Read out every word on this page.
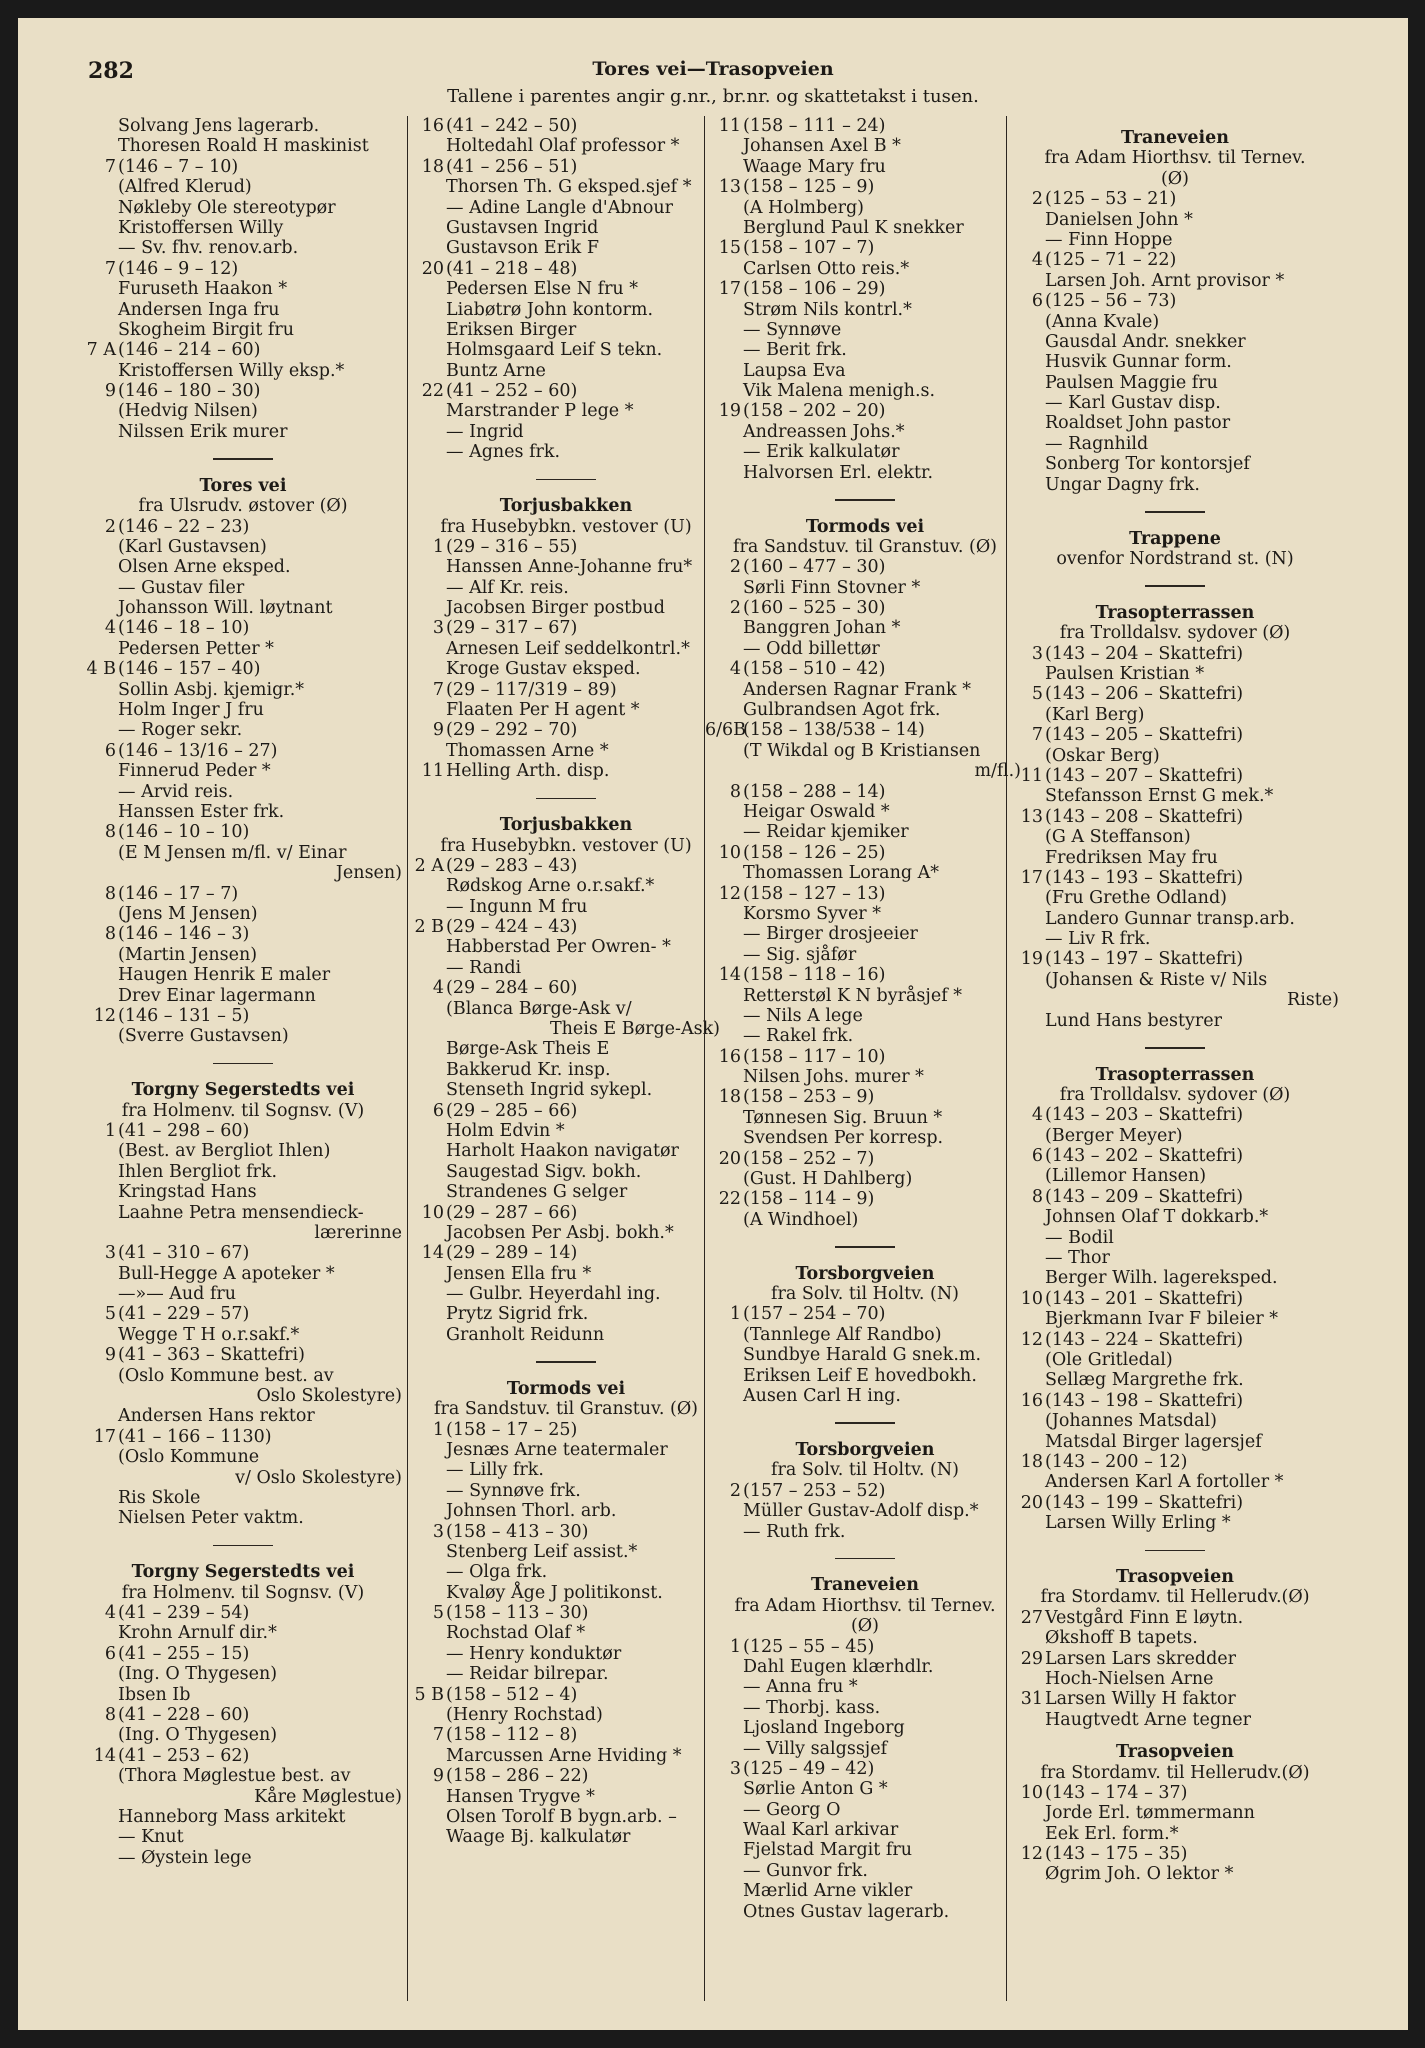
282	Tores vei—Trasopveien
Tallene i parentes angir g.nr., br.nr. og skattetakst i tusen.
Solvang Jens lagerarb.
Thoresen Roald H maskinist
7 (146 – 7 – 10)
(Alfred Klerud)
Nøkleby Ole stereotypør
Kristoffersen Willy
— Sv. fhv. renov.arb.
7 (146 – 9 – 12)
Furuseth Haakon *
Andersen Inga fru
Skogheim Birgit fru
7 A (146 – 214 – 60)
Kristoffersen Willy eksp.*
9 (146 – 180 – 30)
(Hedvig Nilsen)
Nilssen Erik murer
Tores vei
fra Ulsrudv. østover (Ø)
2 (146 – 22 – 23)
(Karl Gustavsen)
Olsen Arne eksped.
— Gustav filer
Johansson Will. løytnant
4 (146 – 18 – 10)
Pedersen Petter *
4 B (146 – 157 – 40)
Sollin Asbj. kjemigr.*
Holm Inger J fru
— Roger sekr.
6 (146 – 13/16 – 27)
Finnerud Peder *
— Arvid reis.
Hanssen Ester frk.
8 (146 – 10 – 10)
(E M Jensen m/fl. v/ Einar
Jensen)
8 (146 – 17 – 7)
(Jens M Jensen)
8 (146 – 146 – 3)
(Martin Jensen)
Haugen Henrik E maler
Drev Einar lagermann
12 (146 – 131 – 5)
(Sverre Gustavsen)
Torgny Segerstedts vei
fra Holmenv. til Sognsv. (V)
1 (41 – 298 – 60)
(Best. av Bergliot Ihlen)
Ihlen Bergliot frk.
Kringstad Hans
Laahne Petra mensendieck-
lærerinne
3 (41 – 310 – 67)
Bull-Hegge A apoteker *
—»— Aud fru
5 (41 – 229 – 57)
Wegge T H o.r.sakf.*
9 (41 – 363 – Skattefri)
(Oslo Kommune best. av
Oslo Skolestyre)
Andersen Hans rektor
17 (41 – 166 – 1130)
(Oslo Kommune
v/ Oslo Skolestyre)
Ris Skole
Nielsen Peter vaktm.
Torgny Segerstedts vei
fra Holmenv. til Sognsv. (V)
4 (41 – 239 – 54)
Krohn Arnulf dir.*
6 (41 – 255 – 15)
(Ing. O Thygesen)
Ibsen Ib
8 (41 – 228 – 60)
(Ing. O Thygesen)
14 (41 – 253 – 62)
(Thora Møglestue best. av
Kåre Møglestue)
Hanneborg Mass arkitekt
— Knut
— Øystein lege
16 (41 – 242 – 50)
Holtedahl Olaf professor *
18 (41 – 256 – 51)
Thorsen Th. G eksped.sjef *
— Adine Langle d'Abnour
Gustavsen Ingrid
Gustavson Erik F
20 (41 – 218 – 48)
Pedersen Else N fru *
Liabøtrø John kontorm.
Eriksen Birger
Holmsgaard Leif S tekn.
Buntz Arne
22 (41 – 252 – 60)
Marstrander P lege *
— Ingrid
— Agnes frk.
Torjusbakken
fra Husebybkn. vestover (U)
1 (29 – 316 – 55)
Hanssen Anne-Johanne fru*
— Alf Kr. reis.
Jacobsen Birger postbud
3 (29 – 317 – 67)
Arnesen Leif seddelkontrl.*
Kroge Gustav eksped.
7 (29 – 117/319 – 89)
Flaaten Per H agent *
9 (29 – 292 – 70)
Thomassen Arne *
11 Helling Arth. disp.
Torjusbakken
fra Husebybkn. vestover (U)
2 A (29 – 283 – 43)
Rødskog Arne o.r.sakf.*
— Ingunn M fru
2 B (29 – 424 – 43)
Habberstad Per Owren- *
— Randi
4 (29 – 284 – 60)
(Blanca Børge-Ask v/
Theis E Børge-Ask)
Børge-Ask Theis E
Bakkerud Kr. insp.
Stenseth Ingrid sykepl.
6 (29 – 285 – 66)
Holm Edvin *
Harholt Haakon navigatør
Saugestad Sigv. bokh.
Strandenes G selger
10 (29 – 287 – 66)
Jacobsen Per Asbj. bokh.*
14 (29 – 289 – 14)
Jensen Ella fru *
— Gulbr. Heyerdahl ing.
Prytz Sigrid frk.
Granholt Reidunn
Tormods vei
fra Sandstuv. til Granstuv. (Ø)
1 (158 – 17 – 25)
Jesnæs Arne teatermaler
— Lilly frk.
— Synnøve frk.
Johnsen Thorl. arb.
3 (158 – 413 – 30)
Stenberg Leif assist.*
— Olga frk.
Kvaløy Åge J politikonst.
5 (158 – 113 – 30)
Rochstad Olaf *
— Henry konduktør
— Reidar bilrepar.
5 B (158 – 512 – 4)
(Henry Rochstad)
7 (158 – 112 – 8)
Marcussen Arne Hviding *
9 (158 – 286 – 22)
Hansen Trygve *
Olsen Torolf B bygn.arb. –
Waage Bj. kalkulatør
11 (158 – 111 – 24)
Johansen Axel B *
Waage Mary fru
13 (158 – 125 – 9)
(A Holmberg)
Berglund Paul K snekker
15 (158 – 107 – 7)
Carlsen Otto reis.*
17 (158 – 106 – 29)
Strøm Nils kontrl.*
— Synnøve
— Berit frk.
Laupsa Eva
Vik Malena menigh.s.
19 (158 – 202 – 20)
Andreassen Johs.*
— Erik kalkulatør
Halvorsen Erl. elektr.
Tormods vei
fra Sandstuv. til Granstuv. (Ø)
2 (160 – 477 – 30)
Sørli Finn Stovner *
2 (160 – 525 – 30)
Banggren Johan *
— Odd billettør
4 (158 – 510 – 42)
Andersen Ragnar Frank *
Gulbrandsen Agot frk.
6/6B(158 – 138/538 – 14)
(T Wikdal og B Kristiansen
m/fl.)
8 (158 – 288 – 14)
Heigar Oswald *
— Reidar kjemiker
10 (158 – 126 – 25)
Thomassen Lorang A*
12 (158 – 127 – 13)
Korsmo Syver *
— Birger drosjeeier
— Sig. sjåfør
14 (158 – 118 – 16)
Retterstøl K N byråsjef *
— Nils A lege
— Rakel frk.
16 (158 – 117 – 10)
Nilsen Johs. murer *
18 (158 – 253 – 9)
Tønnesen Sig. Bruun *
Svendsen Per korresp.
20 (158 – 252 – 7)
(Gust. H Dahlberg)
22 (158 – 114 – 9)
(A Windhoel)
Torsborgveien
fra Solv. til Holtv. (N)
1 (157 – 254 – 70)
(Tannlege Alf Randbo)
Sundbye Harald G snek.m.
Eriksen Leif E hovedbokh.
Ausen Carl H ing.
Torsborgveien
fra Solv. til Holtv. (N)
2 (157 – 253 – 52)
Müller Gustav-Adolf disp.*
— Ruth frk.
Traneveien
fra Adam Hiorthsv. til Ternev.
(Ø)
1 (125 – 55 – 45)
Dahl Eugen klærhdlr.
— Anna fru *
— Thorbj. kass.
Ljosland Ingeborg
— Villy salgssjef
3 (125 – 49 – 42)
Sørlie Anton G *
— Georg O
Waal Karl arkivar
Fjelstad Margit fru
— Gunvor frk.
Mærlid Arne vikler
Otnes Gustav lagerarb.
Traneveien
fra Adam Hiorthsv. til Ternev.
(Ø)
2 (125 – 53 – 21)
Danielsen John *
— Finn Hoppe
4 (125 – 71 – 22)
Larsen Joh. Arnt provisor *
6 (125 – 56 – 73)
(Anna Kvale)
Gausdal Andr. snekker
Husvik Gunnar form.
Paulsen Maggie fru
— Karl Gustav disp.
Roaldset John pastor
— Ragnhild
Sonberg Tor kontorsjef
Ungar Dagny frk.
Trappene
ovenfor Nordstrand st. (N)
Trasopterrassen
fra Trolldalsv. sydover (Ø)
3 (143 – 204 – Skattefri)
Paulsen Kristian *
5 (143 – 206 – Skattefri)
(Karl Berg)
7 (143 – 205 – Skattefri)
(Oskar Berg)
11 (143 – 207 – Skattefri)
Stefansson Ernst G mek.*
13 (143 – 208 – Skattefri)
(G A Steffanson)
Fredriksen May fru
17 (143 – 193 – Skattefri)
(Fru Grethe Odland)
Landero Gunnar transp.arb.
— Liv R frk.
19 (143 – 197 – Skattefri)
(Johansen & Riste v/ Nils
Riste)
Lund Hans bestyrer
Trasopterrassen
fra Trolldalsv. sydover (Ø)
4 (143 – 203 – Skattefri)
(Berger Meyer)
6 (143 – 202 – Skattefri)
(Lillemor Hansen)
8 (143 – 209 – Skattefri)
Johnsen Olaf T dokkarb.*
— Bodil
— Thor
Berger Wilh. lagereksped.
10 (143 – 201 – Skattefri)
Bjerkmann Ivar F bileier *
12 (143 – 224 – Skattefri)
(Ole Gritledal)
Sellæg Margrethe frk.
16 (143 – 198 – Skattefri)
(Johannes Matsdal)
Matsdal Birger lagersjef
18 (143 – 200 – 12)
Andersen Karl A fortoller *
20 (143 – 199 – Skattefri)
Larsen Willy Erling *
Trasopveien
fra Stordamv. til Hellerudv.(Ø)
27 Vestgård Finn E løytn.
Økshoff B tapets.
29 Larsen Lars skredder
Hoch-Nielsen Arne
31 Larsen Willy H faktor
Haugtvedt Arne tegner
Trasopveien
fra Stordamv. til Hellerudv.(Ø)
10 (143 – 174 – 37)
Jorde Erl. tømmermann
Eek Erl. form.*
12 (143 – 175 – 35)
Øgrim Joh. O lektor *
